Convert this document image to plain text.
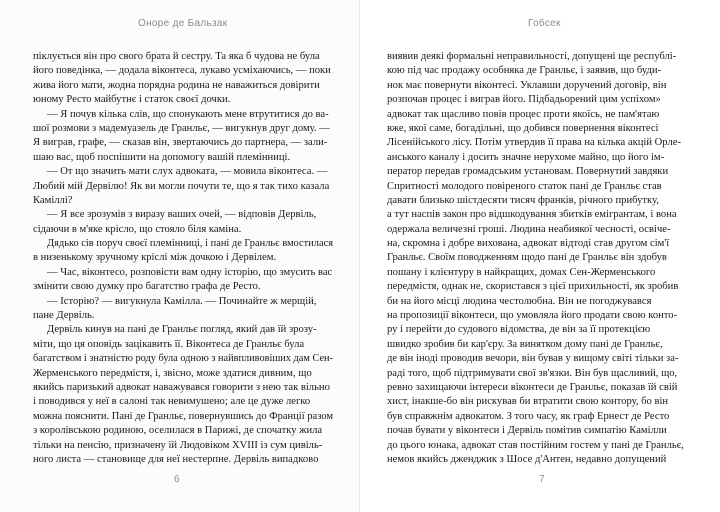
Оноре де Бальзак
піклується він про свого брата й сестру. Та яка б чудова не була
його поведінка, — додала віконтеса, лукаво усміхаючись, — поки
жива його мати, жодна порядна родина не наважиться довірити
юному Ресто майбутнє і статок своєї дочки.
— Я почув кілька слів, що спонукають мене втрутитися до ва-
шої розмови з мадемуазель де Гранльє, — вигукнув друг дому. —
Я виграв, графе, — сказав він, звертаючись до партнера, — зали-
шаю вас, щоб поспішити на допомогу вашій племінниці.
— От що значить мати слух адвоката, — мовила віконтеса. —
Любий мій Дервілю! Як ви могли почути те, що я так тихо казала
Каміллі?
— Я все зрозумів з виразу ваших очей, — відповів Дервіль,
сідаючи в м'яке крісло, що стояло біля каміна.
Дядько сів поруч своєї племінниці, і пані де Гранльє вмостилася
в низенькому зручному кріслі між дочкою і Дервілем.
— Час, віконтесо, розповісти вам одну історію, що змусить вас
змінити свою думку про багатство графа де Ресто.
— Історію? — вигукнула Камілла. — Починайте ж мерщій,
пане Дервіль.
Дервіль кинув на пані де Гранльє погляд, який дав їй зрозу-
міти, що ця оповідь зацікавить її. Віконтеса де Гранльє була
багатством і знатністю роду була одною з найвпливовіших дам Сен-
Жерменського передмістя, і, звісно, може здатися дивним, що
якийсь паризький адвокат наважувався говорити з нею так вільно
і поводився у неї в салоні так невимушено; але це дуже легко
можна пояснити. Пані де Гранльє, повернувшись до Франції разом
з королівською родиною, оселилася в Парижі, де спочатку жила
тільки на пенсію, призначену їй Людовіком XVIII із сум цивіль-
ного листа — становище для неї нестерпне. Дервіль випадково
6
Гобсек
виявив деякі формальні неправильності, допущені ще республі-
кою під час продажу особняка де Гранльє, і заявив, що буди-
нок має повернути віконтесі. Уклавши доручений договір, він
розпочав процес і виграв його. Підбадьорений цим успіхом»
адвокат так щасливо повів процес проти якоїсь, не пам'ятаю
вже, якої саме, богадільні, що добився повернення віконтесі
Лісенійського лісу. Потім утвердив її права на кілька акцій Орле-
анського каналу і досить значне нерухоме майно, що його ім-
ператор передав громадським установам. Повернутий завдяки
Спритності молодого повіреного статок пані де Гранльє став
давати близько шістдесяти тисяч франків, річного прибутку,
а тут наспів закон про відшкодування збитків емігрантам, і вона
одержала величезні гроші. Людина неабиякої чесності, освіче-
на, скромна і добре вихована, адвокат відтоді став другом сім'ї
Гранльє. Своїм поводженням щодо пані де Гранльє він здобув
пошану і клієнтуру в найкращих, домах Сен-Жерменського
передмістя, однак не, скористався з цієї прихильності, як зробив
би на його місці людина честолюбна. Він не погоджувався
на пропозиції віконтеси, що умовляла його продати свою конто-
ру і перейти до судового відомства, де він за її протекцією
швидко зробив би кар'єру. За винятком дому пані де Гранльє,
де він іноді проводив вечори, він бував у вищому світі тільки за-
раді того, щоб підтримувати свої зв'язки. Він був щасливий, що,
ревно захищаючи інтереси віконтеси де Гранльє, показав їй свій
хист, інакше-бо він рискував би втратити свою контору, бо він
був справжнім адвокатом. З того часу, як граф Ернест де Ресто
почав бувати у віконтеси і Дервіль помітив симпатію Камілли
до цього юнака, адвокат став постійним гостем у пані де Гранльє,
немов якийсь дженджик з Шосе д'Антен, недавно допущений
7
